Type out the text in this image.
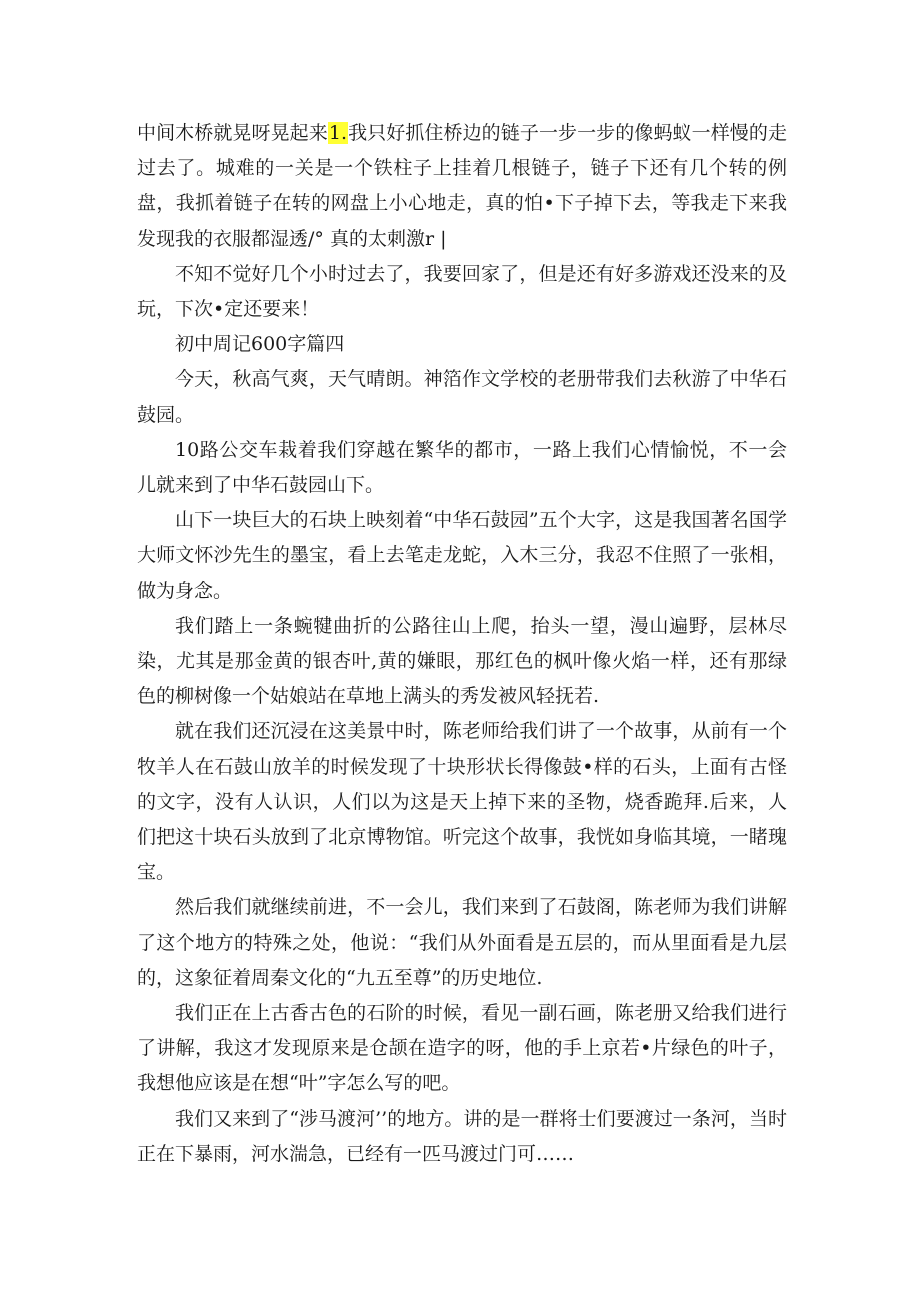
中间木桥就晃呀晃起来1.我只好抓住桥边的链子一步一步的像蚂蚁一样慢的走过去了。城难的一关是一个铁柱子上挂着几根链子，链子下还有几个转的例盘，我抓着链子在转的网盘上小心地走，真的怕•下子掉下去，等我走下来我发现我的衣服都湿透/° 真的太刺激r |

不知不觉好几个小时过去了，我要回家了，但是还有好多游戏还没来的及玩，下次•定还要来！

初中周记600字篇四

今天，秋高气爽，天气晴朗。神箔作文学校的老册带我们去秋游了中华石鼓园。

10路公交车栽着我们穿越在繁华的都市，一路上我们心情愉悦，不一会儿就来到了中华石鼓园山下。

山下一块巨大的石块上映刻着“中华石鼓园”五个大字，这是我国著名国学大师文怀沙先生的墨宝，看上去笔走龙蛇，入木三分，我忍不住照了一张相，做为身念。

我们踏上一条蜿犍曲折的公路往山上爬，抬头一望，漫山遍野，层林尽染，尤其是那金黄的银杏叶,黄的嫌眼，那红色的枫叶像火焰一样，还有那绿色的柳树像一个姑娘站在草地上满头的秀发被风轻抚若.

就在我们还沉浸在这美景中时，陈老师给我们讲了一个故事，从前有一个牧羊人在石鼓山放羊的时候发现了十块形状长得像鼓•样的石头，上面有古怪的文字，没有人认识，人们以为这是天上掉下来的圣物，烧香跪拜.后来，人们把这十块石头放到了北京博物馆。听完这个故事，我恍如身临其境，一睹瑰宝。

然后我们就继续前进，不一会儿，我们来到了石鼓阁，陈老师为我们讲解了这个地方的特殊之处，他说：“我们从外面看是五层的，而从里面看是九层的，这象征着周秦文化的“九五至尊”的历史地位.

我们正在上古香古色的石阶的时候，看见一副石画，陈老册又给我们进行了讲解，我这才发现原来是仓颉在造字的呀，他的手上京若•片绿色的叶子，我想他应该是在想“叶”字怎么写的吧。

我们又来到了“涉马渡河’’的地方。讲的是一群将士们要渡过一条河，当时正在下暴雨，河水湍急，已经有一匹马渡过门可……
